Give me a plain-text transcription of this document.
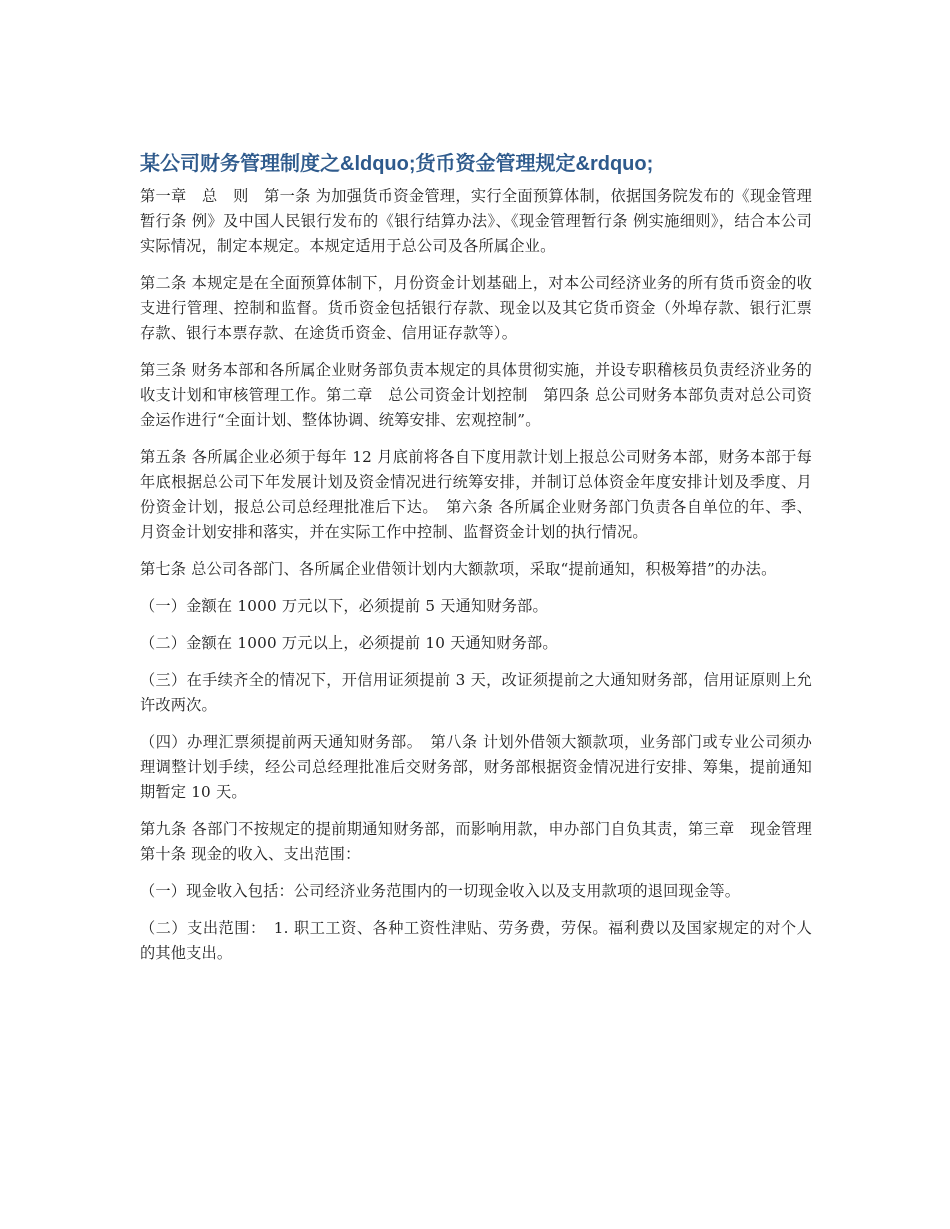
某公司财务管理制度之&ldquo;货币资金管理规定&rdquo;

第一章　总　则　第一条 为加强货币资金管理，实行全面预算体制，依据国务院发布的《现金管理暂行条 例》及中国人民银行发布的《银行结算办法》、《现金管理暂行条 例实施细则》，结合本公司实际情况，制定本规定。本规定适用于总公司及各所属企业。

第二条 本规定是在全面预算体制下，月份资金计划基础上，对本公司经济业务的所有货币资金的收支进行管理、控制和监督。货币资金包括银行存款、现金以及其它货币资金（外埠存款、银行汇票存款、银行本票存款、在途货币资金、信用证存款等）。

第三条 财务本部和各所属企业财务部负责本规定的具体贯彻实施，并设专职稽核员负责经济业务的收支计划和审核管理工作。第二章　总公司资金计划控制　第四条 总公司财务本部负责对总公司资金运作进行“全面计划、整体协调、统筹安排、宏观控制”。

第五条 各所属企业必须于每年 12 月底前将各自下度用款计划上报总公司财务本部，财务本部于每年底根据总公司下年发展计划及资金情况进行统筹安排，并制订总体资金年度安排计划及季度、月份资金计划，报总公司总经理批准后下达。　第六条 各所属企业财务部门负责各自单位的年、季、月资金计划安排和落实，并在实际工作中控制、监督资金计划的执行情况。

第七条 总公司各部门、各所属企业借领计划内大额款项，采取“提前通知，积极筹措”的办法。

（一）金额在 1000 万元以下，必须提前 5 天通知财务部。

（二）金额在 1000 万元以上，必须提前 10 天通知财务部。

（三）在手续齐全的情况下，开信用证须提前 3 天，改证须提前之大通知财务部，信用证原则上允许改两次。

（四）办理汇票须提前两天通知财务部。　第八条 计划外借领大额款项，业务部门或专业公司须办理调整计划手续，经公司总经理批准后交财务部，财务部根据资金情况进行安排、筹集，提前通知期暂定 10 天。

第九条 各部门不按规定的提前期通知财务部，而影响用款，申办部门自负其责，第三章　现金管理　第十条 现金的收入、支出范围：

（一）现金收入包括：公司经济业务范围内的一切现金收入以及支用款项的退回现金等。

（二）支出范围：　1. 职工工资、各种工资性津贴、劳务费，劳保。福利费以及国家规定的对个人的其他支出。
